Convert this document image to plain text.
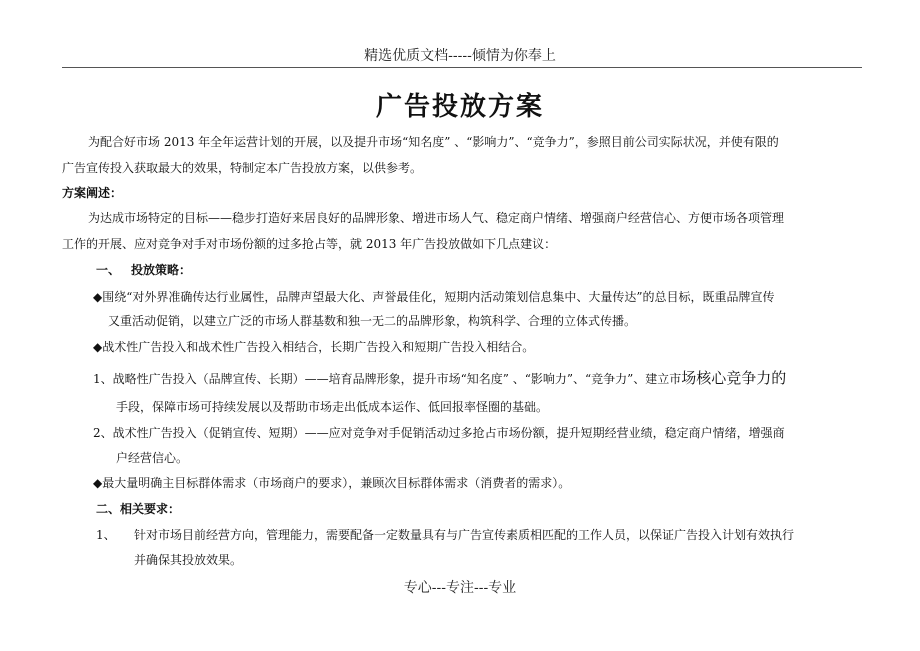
精选优质文档-----倾情为你奉上
广告投放方案
为配合好市场 2013 年全年运营计划的开展，以及提升市场“知名度” 、“影响力”、“竞争力”，参照目前公司实际状况，并使有限的
广告宣传投入获取最大的效果，特制定本广告投放方案，以供参考。
方案阐述：
为达成市场特定的目标——稳步打造好来居良好的品牌形象、增进市场人气、稳定商户情绪、增强商户经营信心、方便市场各项管理
工作的开展、应对竞争对手对市场份额的过多抢占等，就 2013 年广告投放做如下几点建议：
一、 投放策略：
◆围绕“对外界准确传达行业属性，品牌声望最大化、声誉最佳化，短期内活动策划信息集中、大量传达”的总目标，既重品牌宣传
又重活动促销，以建立广泛的市场人群基数和独一无二的品牌形象，构筑科学、合理的立体式传播。
◆战术性广告投入和战术性广告投入相结合，长期广告投入和短期广告投入相结合。
1、战略性广告投入（品牌宣传、长期）——培育品牌形象，提升市场“知名度” 、“影响力”、“竞争力”、建立市场核心竞争力的
手段，保障市场可持续发展以及帮助市场走出低成本运作、低回报率怪圈的基础。
2、战术性广告投入（促销宣传、短期）——应对竞争对手促销活动过多抢占市场份额，提升短期经营业绩，稳定商户情绪，增强商
户经营信心。
◆最大量明确主目标群体需求（市场商户的要求），兼顾次目标群体需求（消费者的需求）。
二、相关要求：
1、 针对市场目前经营方向，管理能力，需要配备一定数量具有与广告宣传素质相匹配的工作人员，以保证广告投入计划有效执行
并确保其投放效果。
专心---专注---专业
